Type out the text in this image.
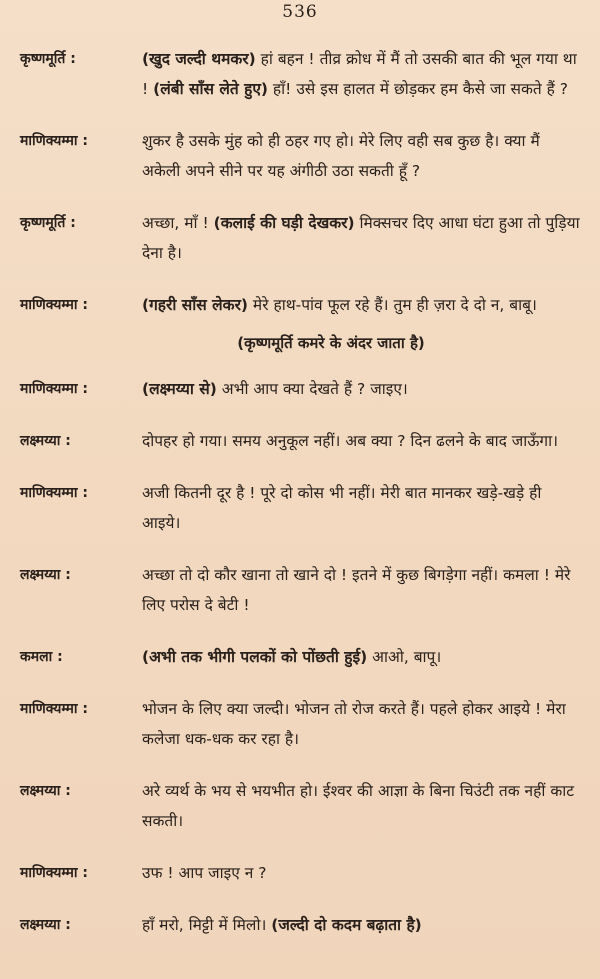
536
कृष्णमूर्ति :	(खुद जल्दी थमकर) हां बहन ! तीव्र क्रोध में मैं तो उसकी बात की भूल गया था ! (लंबी साँस लेते हुए) हाँ! उसे इस हालत में छोड़कर हम कैसे जा सकते हैं ?
माणिक्यम्मा :	शुकर है उसके मुंह को ही ठहर गए हो। मेरे लिए वही सब कुछ है। क्या मैं अकेली अपने सीने पर यह अंगीठी उठा सकती हूँ ?
कृष्णमूर्ति :	अच्छा, माँ ! (कलाई की घड़ी देखकर) मिक्सचर दिए आधा घंटा हुआ तो पुड़िया देना है।
माणिक्यम्मा :	(गहरी साँस लेकर) मेरे हाथ-पांव फूल रहे हैं। तुम ही ज़रा दे दो न, बाबू।
(कृष्णमूर्ति कमरे के अंदर जाता है)
माणिक्यम्मा :	(लक्ष्मय्या से) अभी आप क्या देखते हैं ? जाइए।
लक्ष्मय्या :	दोपहर हो गया। समय अनुकूल नहीं। अब क्या ? दिन ढलने के बाद जाऊँगा।
माणिक्यम्मा :	अजी कितनी दूर है ! पूरे दो कोस भी नहीं। मेरी बात मानकर खड़े-खड़े ही आइये।
लक्ष्मय्या :	अच्छा तो दो कौर खाना तो खाने दो ! इतने में कुछ बिगड़ेगा नहीं। कमला ! मेरे लिए परोस दे बेटी !
कमला :	(अभी तक भीगी पलकों को पोंछती हुई) आओ, बापू।
माणिक्यम्मा :	भोजन के लिए क्या जल्दी। भोजन तो रोज करते हैं। पहले होकर आइये ! मेरा कलेजा धक-धक कर रहा है।
लक्ष्मय्या :	अरे व्यर्थ के भय से भयभीत हो। ईश्वर की आज्ञा के बिना चिउंटी तक नहीं काट सकती।
माणिक्यम्मा :	उफ ! आप जाइए न ?
लक्ष्मय्या :	हाँ मरो, मिट्टी में मिलो। (जल्दी दो कदम बढ़ाता है)
